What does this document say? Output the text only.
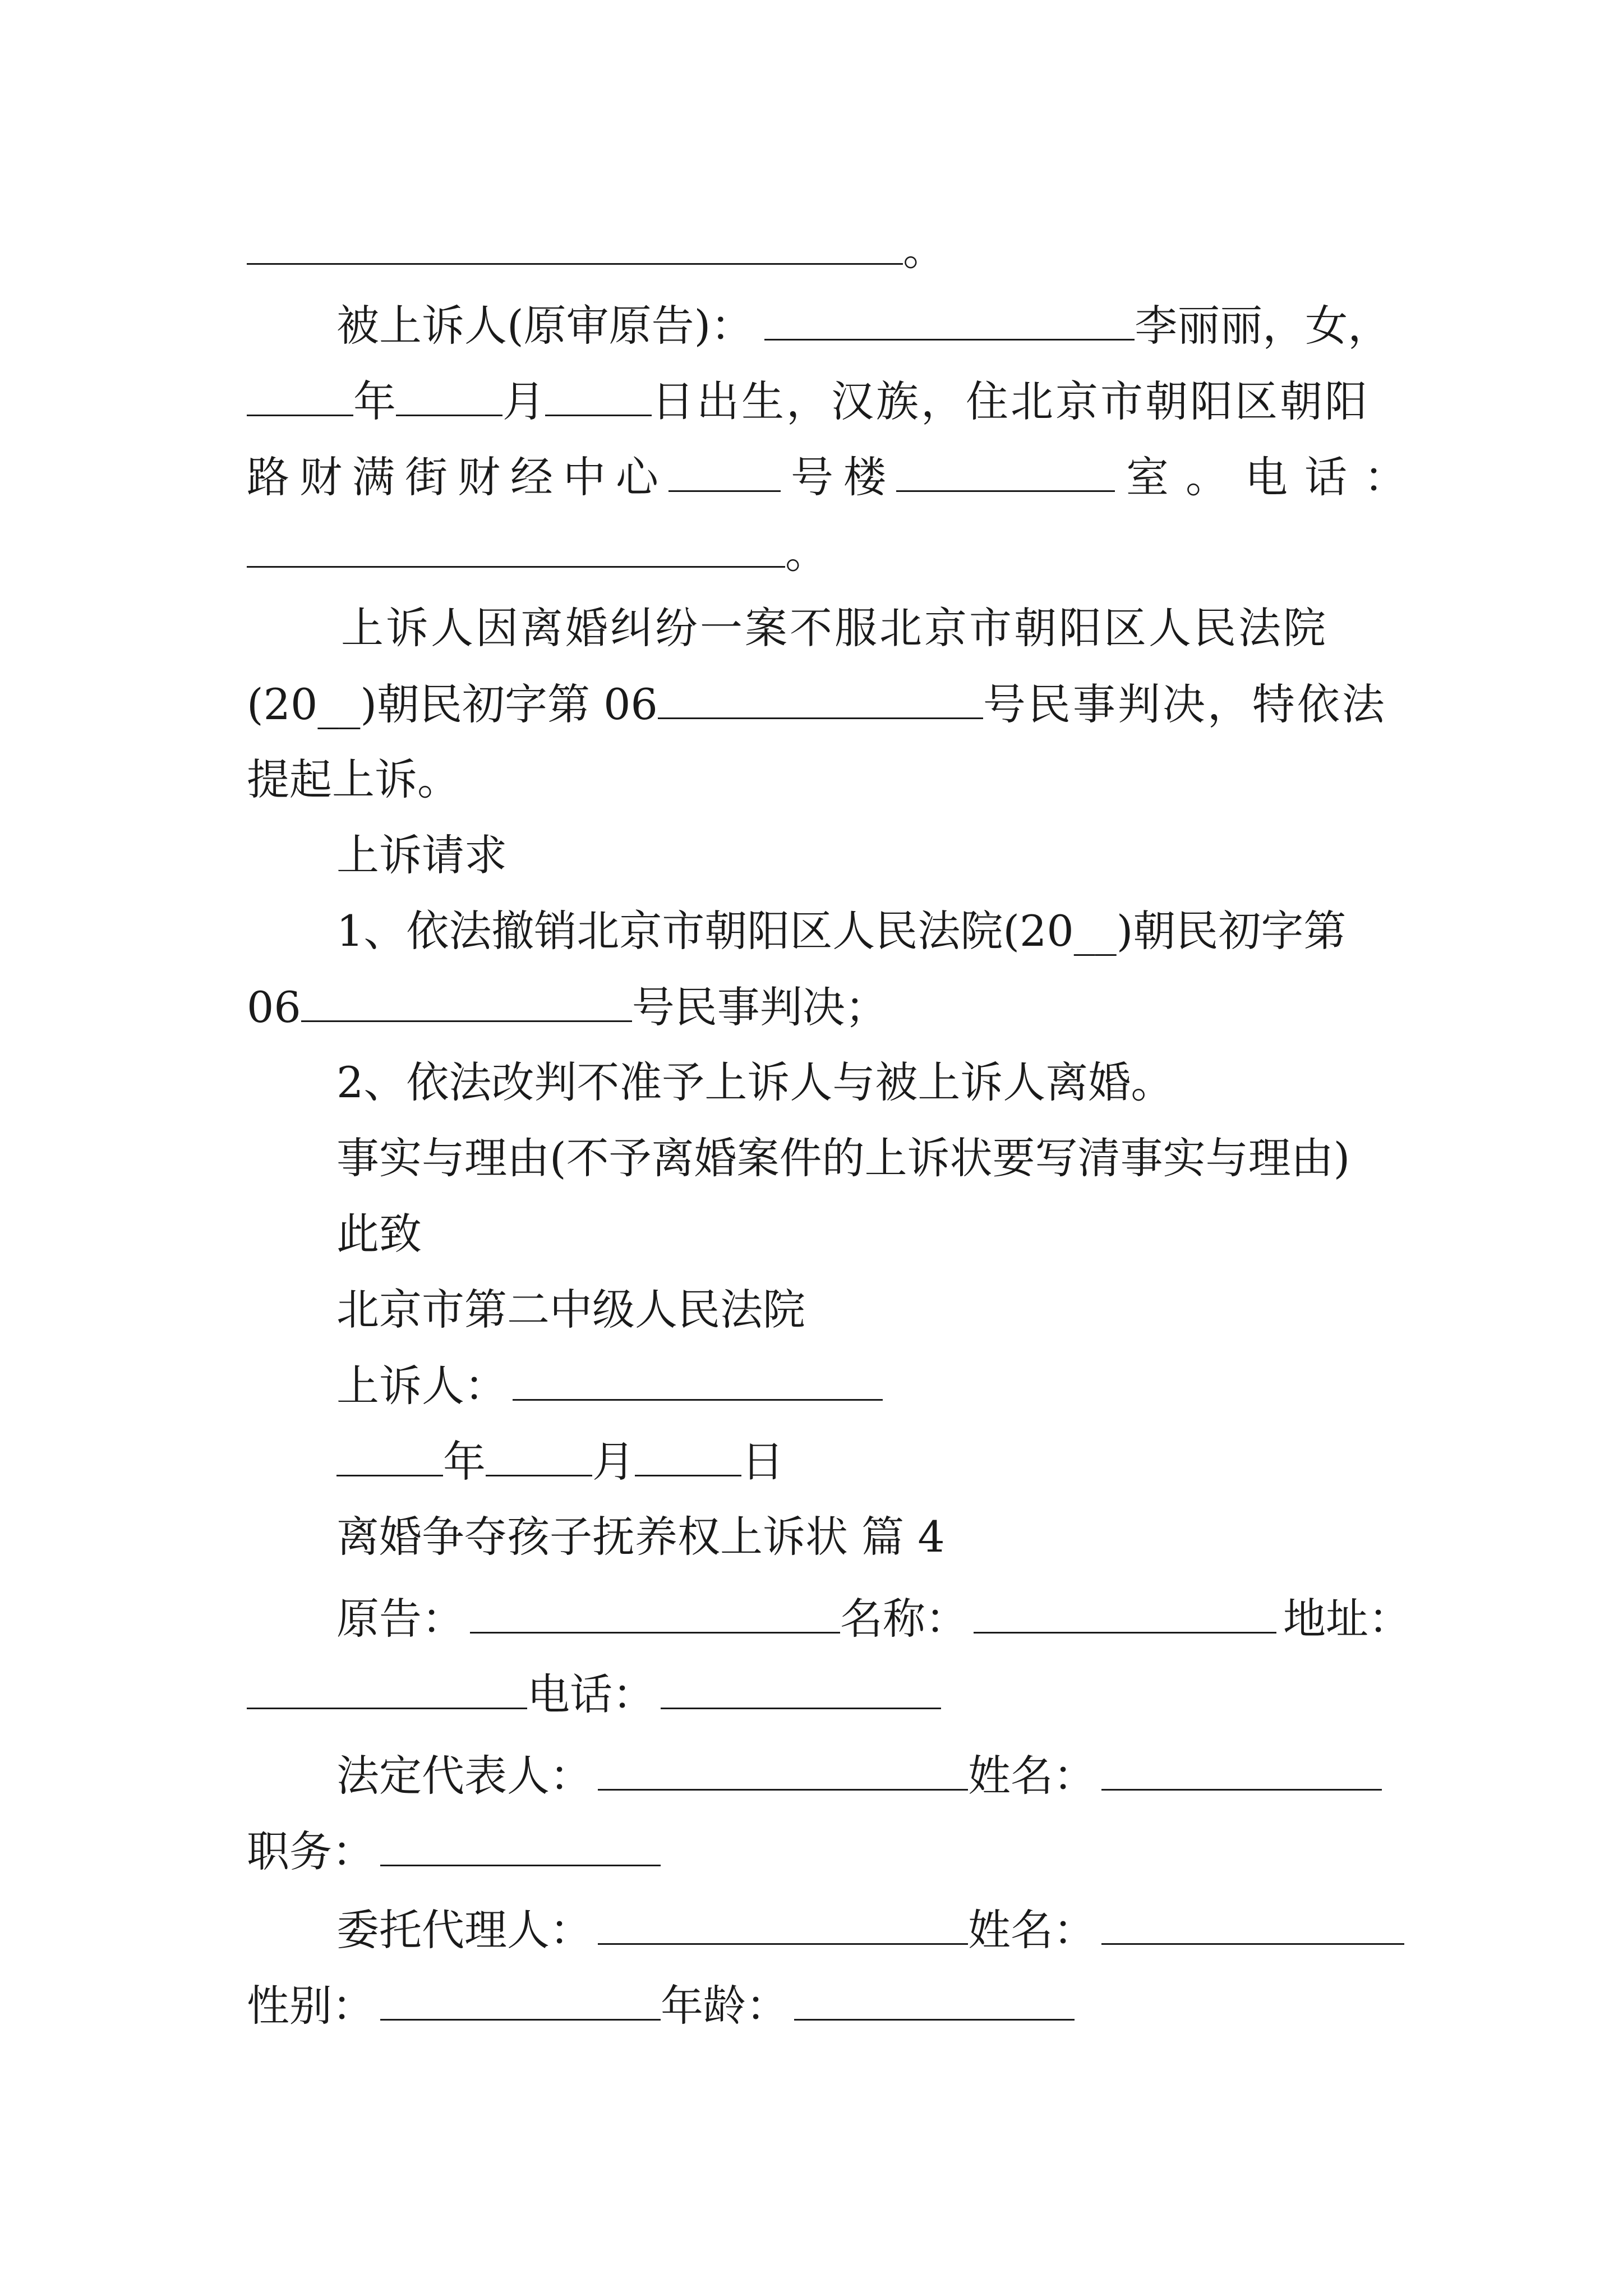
。
被上诉人(原审原告)：	李丽丽，女，
年	月	日出生，汉族，住北京市朝阳区朝阳
路财满街财经中心	号楼	室。电话：
。
上诉人因离婚纠纷一案不服北京市朝阳区人民法院
(20__)朝民初字第 06	号民事判决，特依法
提起上诉。
上诉请求
1、依法撤销北京市朝阳区人民法院(20__)朝民初字第
06	号民事判决；
2、依法改判不准予上诉人与被上诉人离婚。
事实与理由(不予离婚案件的上诉状要写清事实与理由)
此致
北京市第二中级人民法院
上诉人：
年	月	日
离婚争夺孩子抚养权上诉状 篇 4
原告：	名称：	地址：
电话：
法定代表人：	姓名：
职务：
委托代理人：	姓名：
性别：	年龄：
